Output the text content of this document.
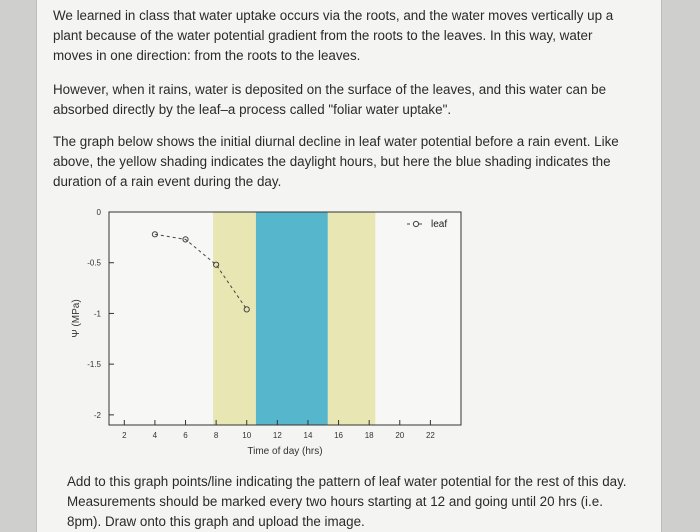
We learned in class that water uptake occurs via the roots, and the water moves vertically up a plant because of the water potential gradient from the roots to the leaves. In this way, water moves in one direction: from the roots to the leaves.

However, when it rains, water is deposited on the surface of the leaves, and this water can be absorbed directly by the leaf–a process called "foliar water uptake".

The graph below shows the initial diurnal decline in leaf water potential before a rain event. Like above, the yellow shading indicates the daylight hours, but here the blue shading indicates the duration of a rain event during the day.

0
-0.5
-1
-1.5
-2
2	4	6	8	10	12	14	16	18	20	22
Time of day (hrs)
Ψ (MPa)
leaf

Add to this graph points/line indicating the pattern of leaf water potential for the rest of this day. Measurements should be marked every two hours starting at 12 and going until 20 hrs (i.e. 8pm). Draw onto this graph and upload the image.
